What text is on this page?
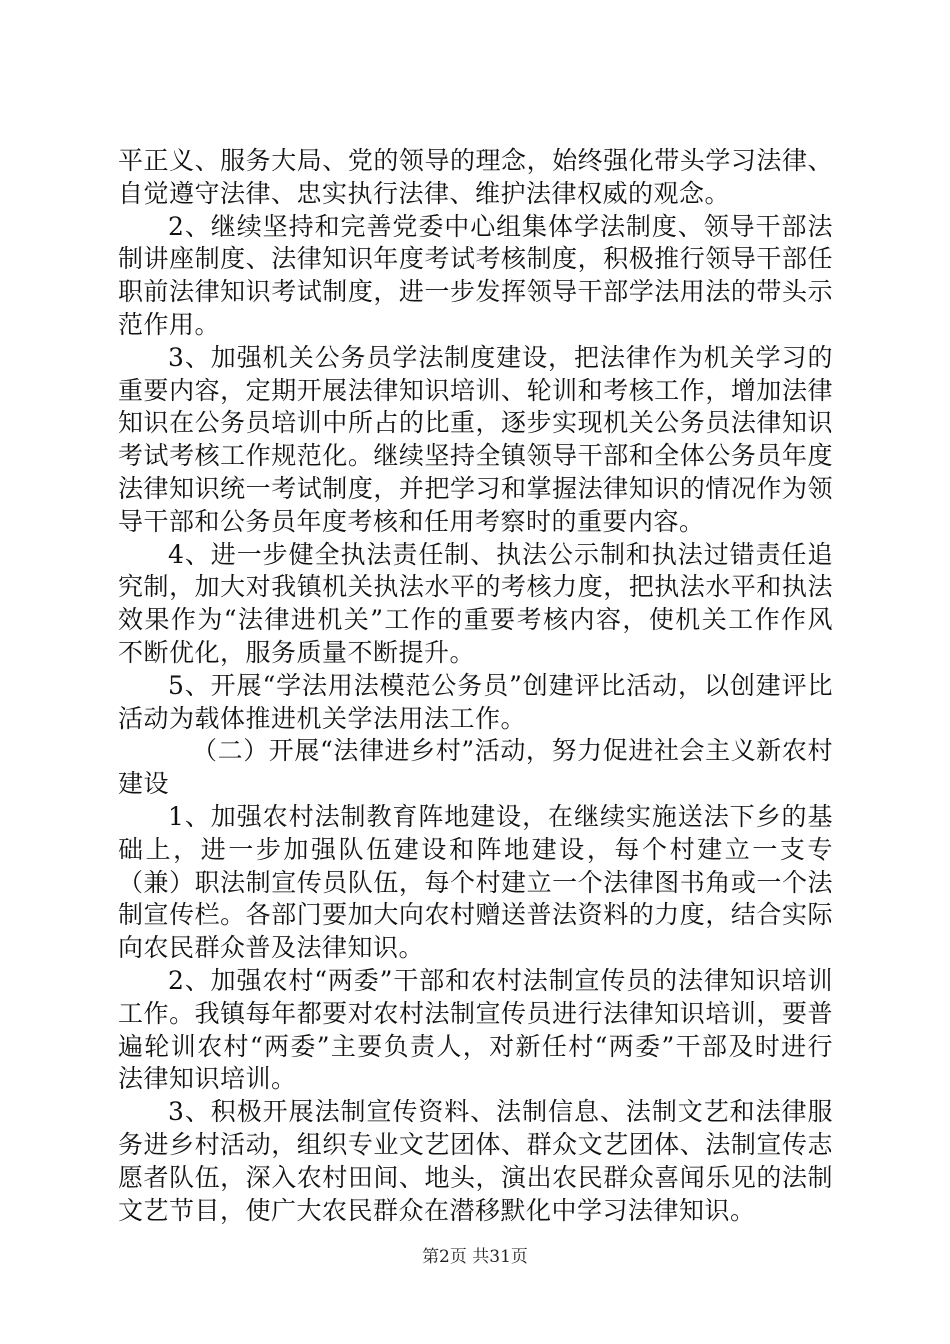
平正义、服务大局、党的领导的理念，始终强化带头学习法律、自觉遵守法律、忠实执行法律、维护法律权威的观念。

2、继续坚持和完善党委中心组集体学法制度、领导干部法制讲座制度、法律知识年度考试考核制度，积极推行领导干部任职前法律知识考试制度，进一步发挥领导干部学法用法的带头示范作用。

3、加强机关公务员学法制度建设，把法律作为机关学习的重要内容，定期开展法律知识培训、轮训和考核工作，增加法律知识在公务员培训中所占的比重，逐步实现机关公务员法律知识考试考核工作规范化。继续坚持全镇领导干部和全体公务员年度法律知识统一考试制度，并把学习和掌握法律知识的情况作为领导干部和公务员年度考核和任用考察时的重要内容。

4、进一步健全执法责任制、执法公示制和执法过错责任追究制，加大对我镇机关执法水平的考核力度，把执法水平和执法效果作为“法律进机关”工作的重要考核内容，使机关工作作风不断优化，服务质量不断提升。

5、开展“学法用法模范公务员”创建评比活动，以创建评比活动为载体推进机关学法用法工作。

（二）开展“法律进乡村”活动，努力促进社会主义新农村建设

1、加强农村法制教育阵地建设，在继续实施送法下乡的基础上，进一步加强队伍建设和阵地建设，每个村建立一支专（兼）职法制宣传员队伍，每个村建立一个法律图书角或一个法制宣传栏。各部门要加大向农村赠送普法资料的力度，结合实际向农民群众普及法律知识。

2、加强农村“两委”干部和农村法制宣传员的法律知识培训工作。我镇每年都要对农村法制宣传员进行法律知识培训，要普遍轮训农村“两委”主要负责人，对新任村“两委”干部及时进行法律知识培训。

3、积极开展法制宣传资料、法制信息、法制文艺和法律服务进乡村活动，组织专业文艺团体、群众文艺团体、法制宣传志愿者队伍，深入农村田间、地头，演出农民群众喜闻乐见的法制文艺节目，使广大农民群众在潜移默化中学习法律知识。

第2页 共31页
